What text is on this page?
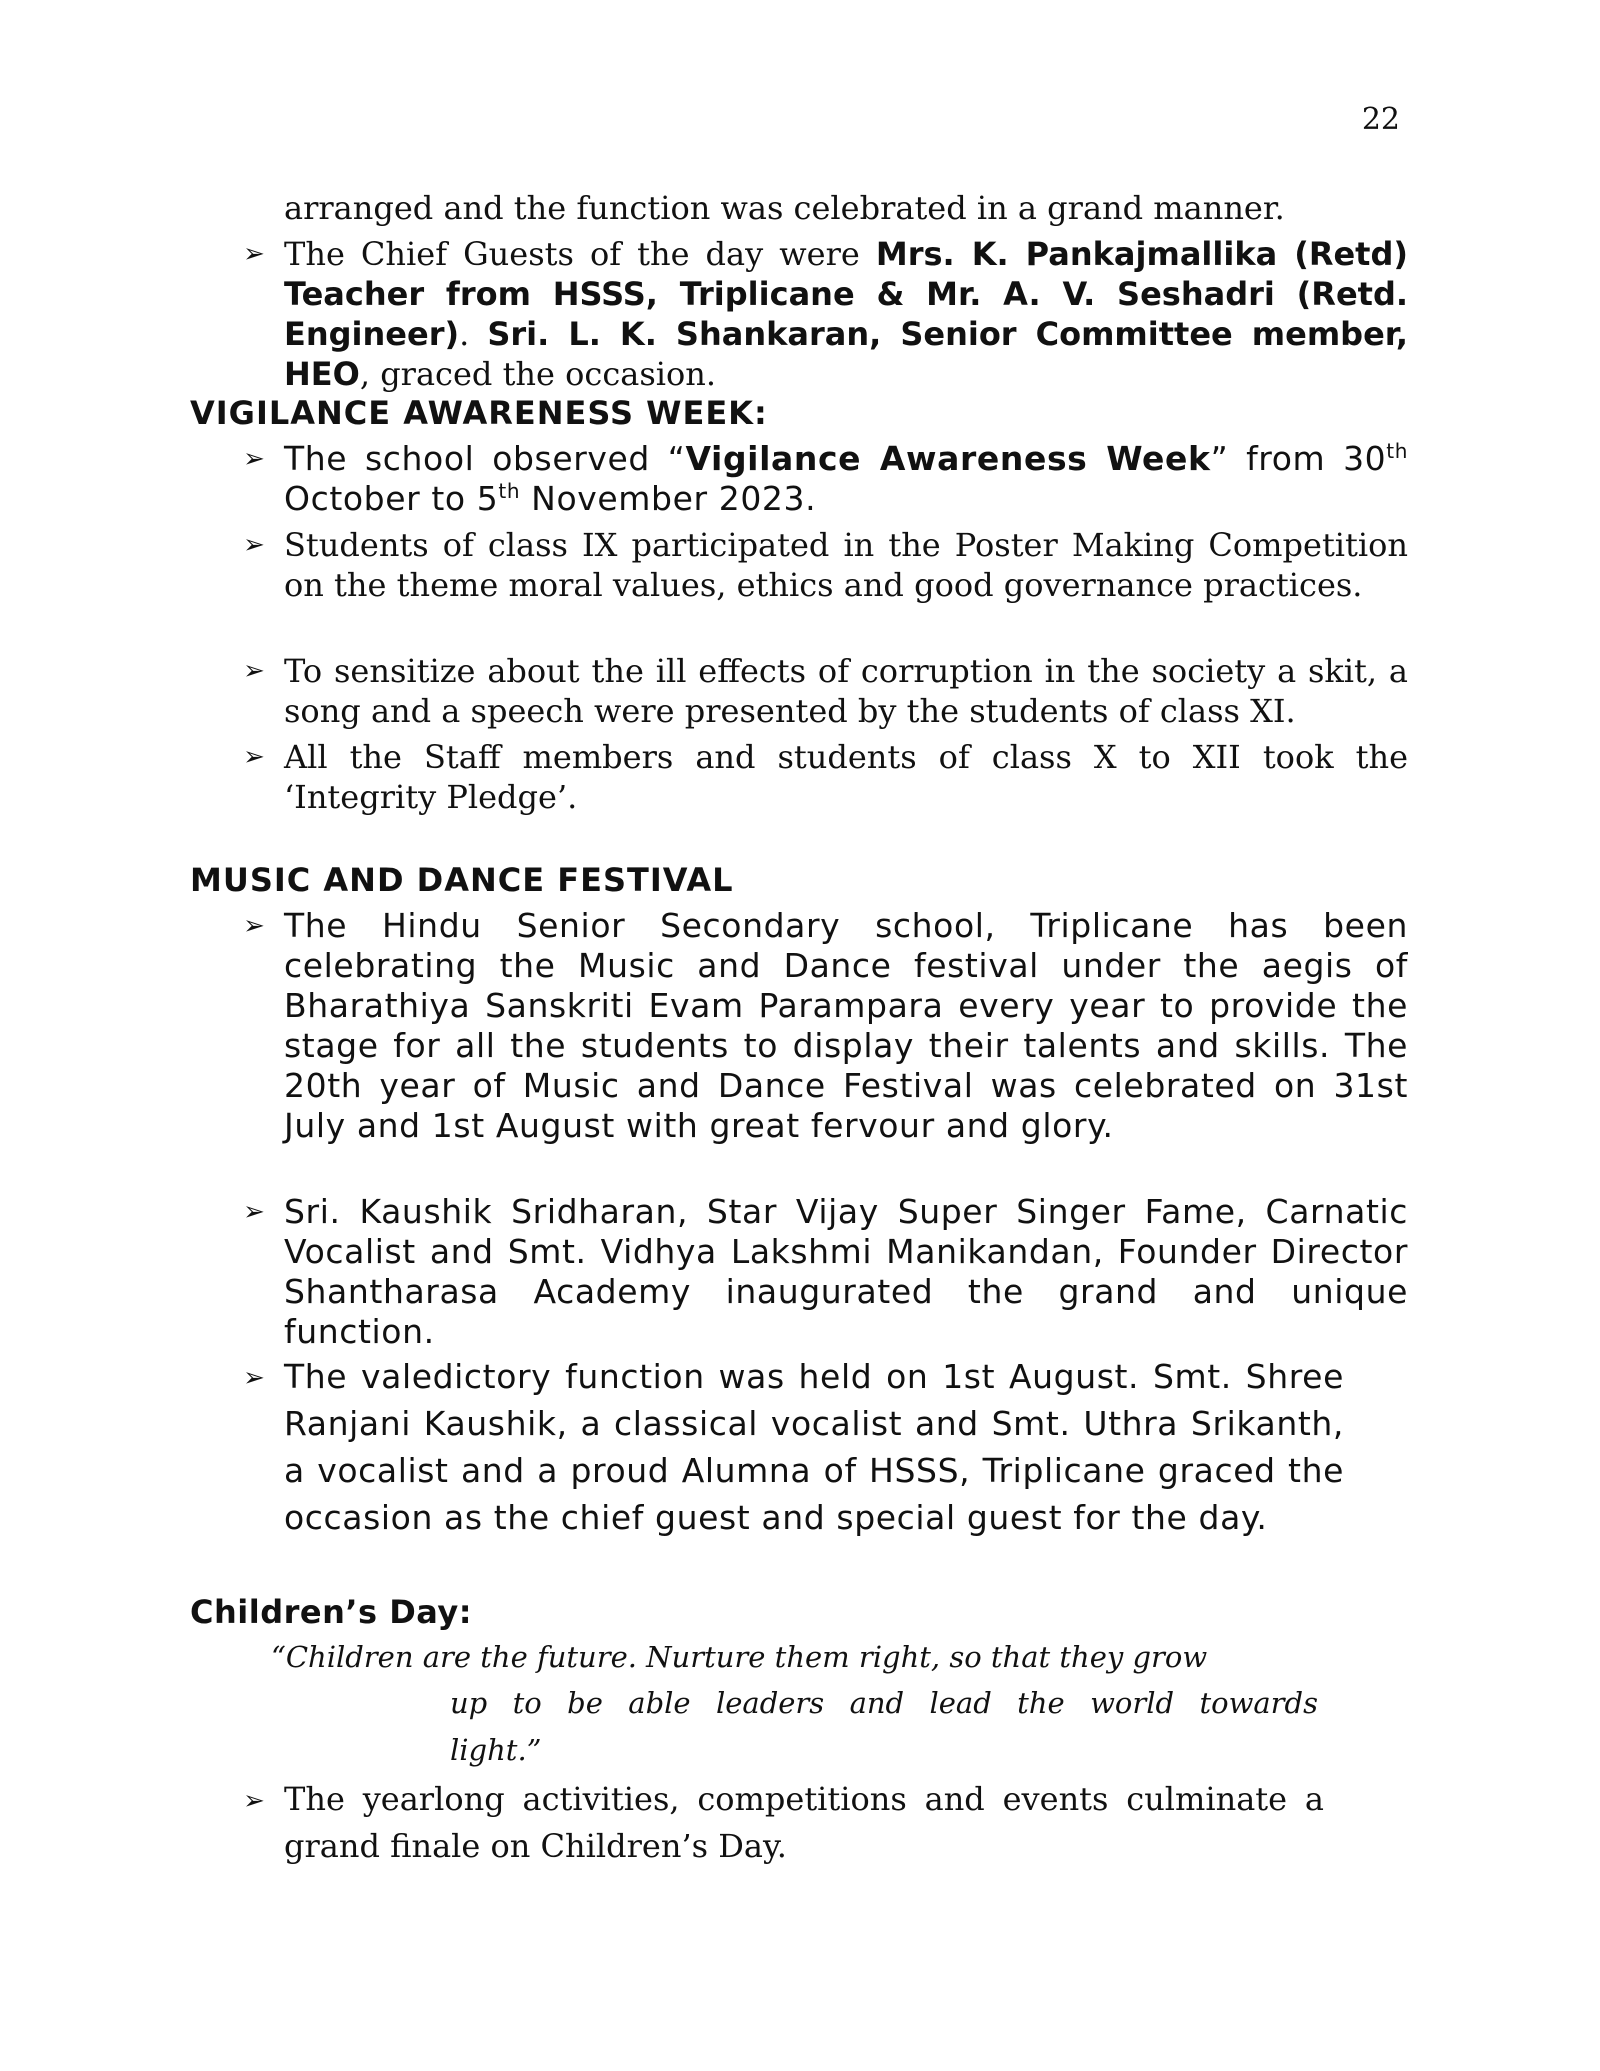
22

arranged and the function was celebrated in a grand manner.

➢ The Chief Guests of the day were Mrs. K. Pankajmallika (Retd) Teacher from HSSS, Triplicane & Mr. A. V. Seshadri (Retd. Engineer). Sri. L. K. Shankaran, Senior Committee member, HEO, graced the occasion.

VIGILANCE AWARENESS WEEK:
➢ The school observed “Vigilance Awareness Week” from 30th October to 5th November 2023.

➢ Students of class IX participated in the Poster Making Competition on the theme moral values, ethics and good governance practices.

➢ To sensitize about the ill effects of corruption in the society a skit, a song and a speech were presented by the students of class XI.

➢ All the Staff members and students of class X to XII took the ‘Integrity Pledge’.

MUSIC AND DANCE FESTIVAL
➢ The Hindu Senior Secondary school, Triplicane has been celebrating the Music and Dance festival under the aegis of Bharathiya Sanskriti Evam Parampara every year to provide the stage for all the students to display their talents and skills. The 20th year of Music and Dance Festival was celebrated on 31st July and 1st August with great fervour and glory.

➢ Sri. Kaushik Sridharan, Star Vijay Super Singer Fame, Carnatic Vocalist and Smt. Vidhya Lakshmi Manikandan, Founder Director Shantharasa Academy inaugurated the grand and unique function.

➢ The valedictory function was held on 1st August. Smt. Shree Ranjani Kaushik, a classical vocalist and Smt. Uthra Srikanth, a vocalist and a proud Alumna of HSSS, Triplicane graced the occasion as the chief guest and special guest for the day.

Children’s Day:

“Children are the future. Nurture them right, so that they grow

up to be able leaders and lead the world towards

light.”

➢ The yearlong activities, competitions and events culminate a grand finale on Children’s Day.
